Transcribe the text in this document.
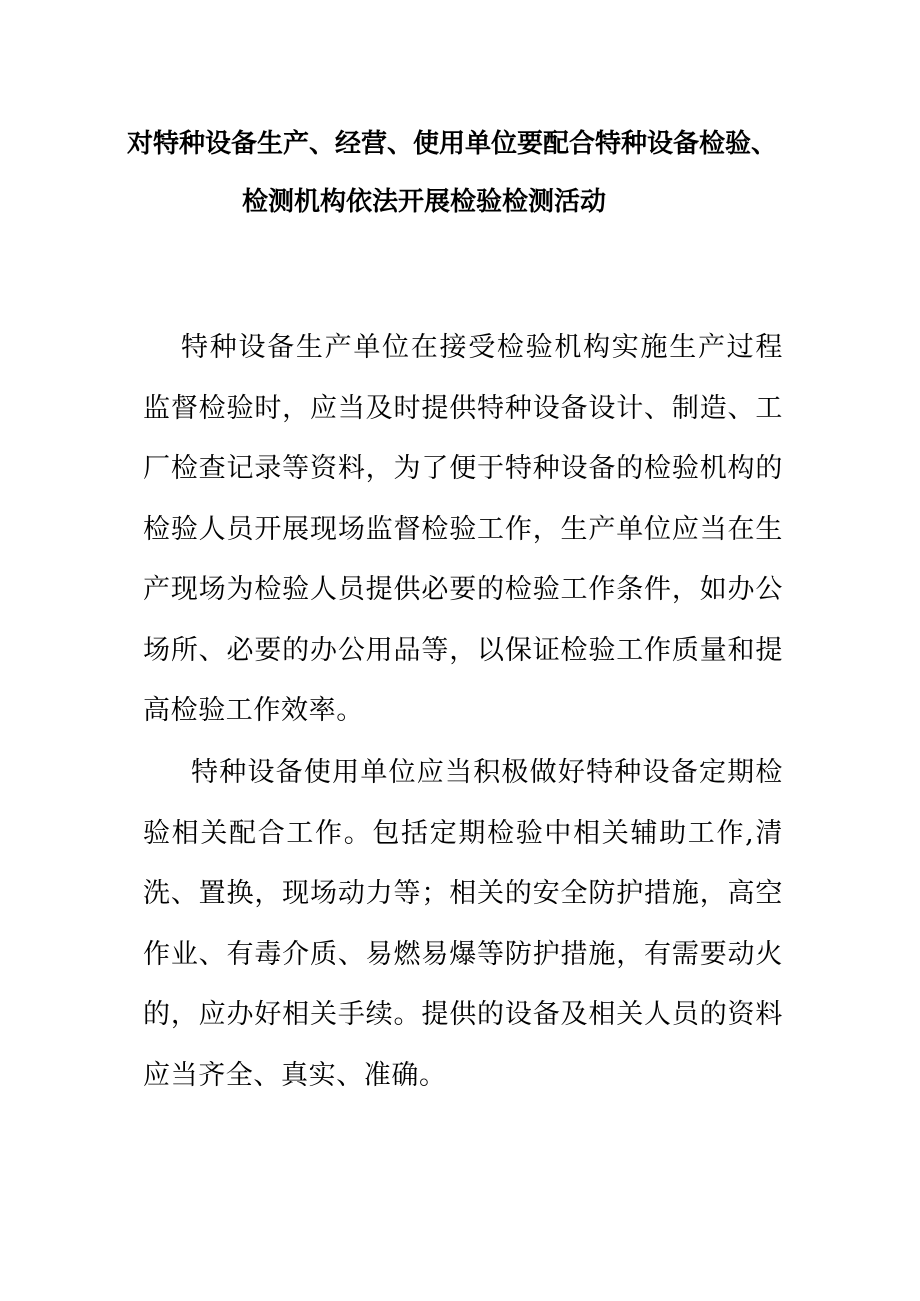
对特种设备生产、经营、使用单位要配合特种设备检验、
检测机构依法开展检验检测活动

特种设备生产单位在接受检验机构实施生产过程监督检验时，应当及时提供特种设备设计、制造、工厂检查记录等资料，为了便于特种设备的检验机构的检验人员开展现场监督检验工作，生产单位应当在生产现场为检验人员提供必要的检验工作条件，如办公场所、必要的办公用品等，以保证检验工作质量和提高检验工作效率。

特种设备使用单位应当积极做好特种设备定期检验相关配合工作。包括定期检验中相关辅助工作,清洗、置换，现场动力等；相关的安全防护措施，高空作业、有毒介质、易燃易爆等防护措施，有需要动火的，应办好相关手续。提供的设备及相关人员的资料应当齐全、真实、准确。
